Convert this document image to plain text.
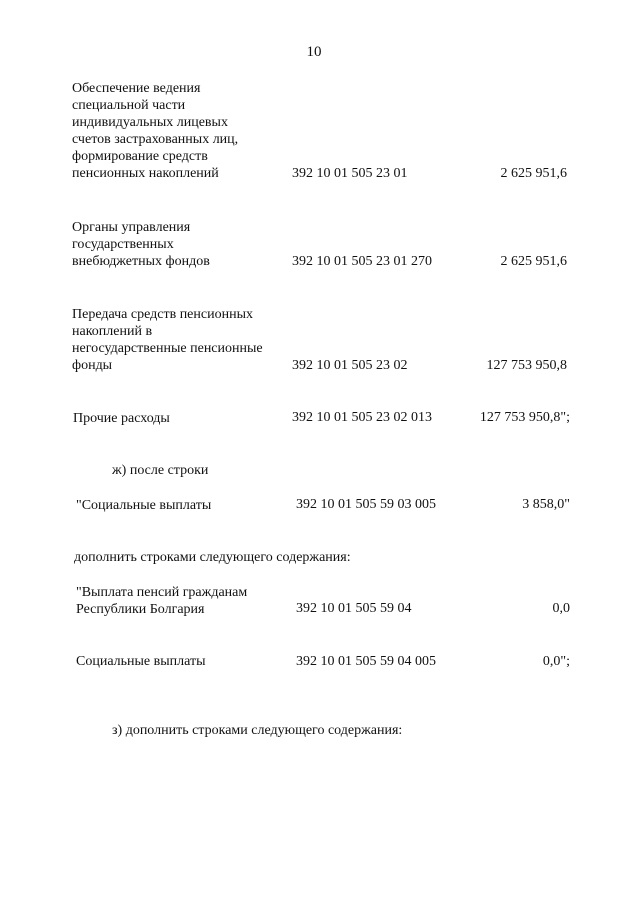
10
Обеспечение ведения
специальной части
индивидуальных лицевых
счетов застрахованных лиц,
формирование средств
пенсионных накоплений	392 10 01 505 23 01	2 625 951,6
Органы управления
государственных
внебюджетных фондов	392 10 01 505 23 01 270	2 625 951,6
Передача средств пенсионных
накоплений в
негосударственные пенсионные
фонды	392 10 01 505 23 02	127 753 950,8
Прочие расходы	392 10 01 505 23 02 013	127 753 950,8";
ж) после строки
"Социальные выплаты	392 10 01 505 59 03 005	3 858,0"
дополнить строками следующего содержания:
"Выплата пенсий гражданам
Республики Болгария	392 10 01 505 59 04	0,0
Социальные выплаты	392 10 01 505 59 04 005	0,0";
з) дополнить строками следующего содержания:
